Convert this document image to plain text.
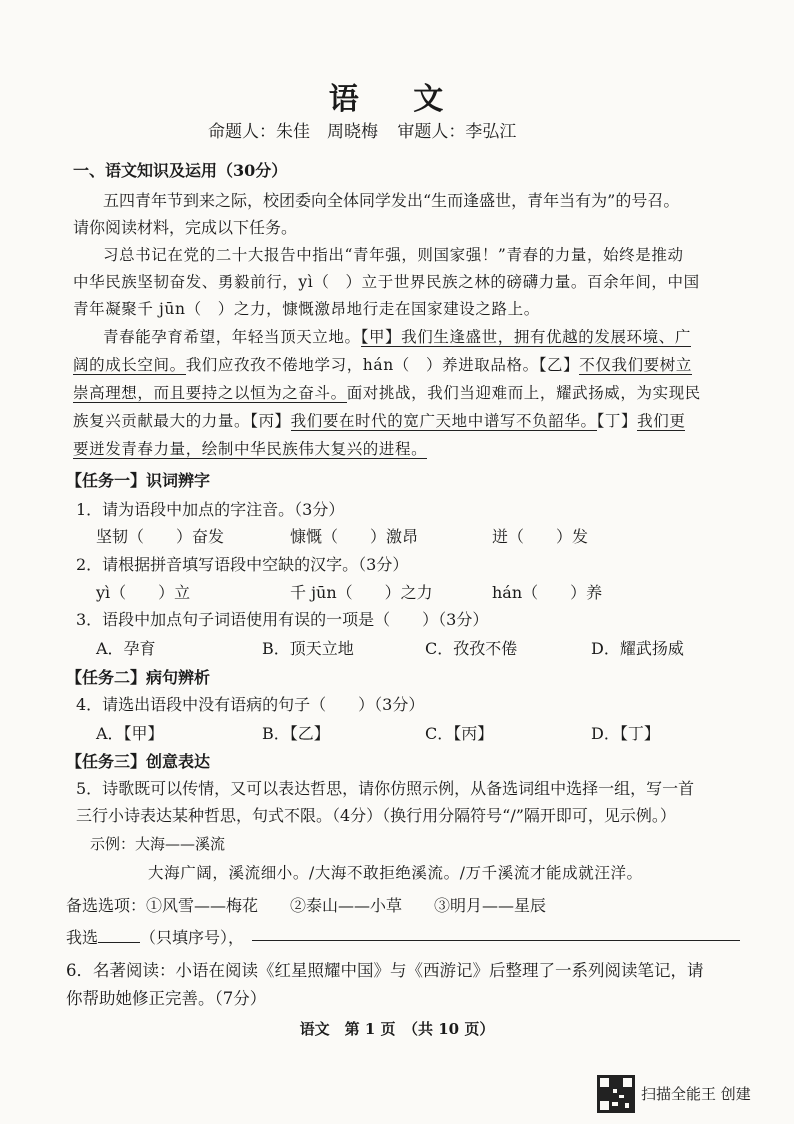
语 文
命题人：朱佳　周晓梅 审题人：李弘江
一、语文知识及运用（30分）
五四青年节到来之际，校团委向全体同学发出“生而逢盛世，青年当有为”的号召。
请你阅读材料，完成以下任务。
习总书记在党的二十大报告中指出“青年强，则国家强！”青春的力量，始终是推动
中华民族坚韧奋发、勇毅前行，yì（　）立于世界民族之林的磅礴力量。百余年间，中国
青年凝聚千 jūn（　）之力，慷慨激昂地行走在国家建设之路上。
青春能孕育希望，年轻当顶天立地。【甲】我们生逢盛世，拥有优越的发展环境、广
阔的成长空间。我们应孜孜不倦地学习，hán（　）养进取品格。【乙】不仅我们要树立
崇高理想，而且要持之以恒为之奋斗。面对挑战，我们当迎难而上，耀武扬威，为实现民
族复兴贡献最大的力量。【丙】我们要在时代的宽广天地中谱写不负韶华。【丁】我们更
要迸发青春力量，绘制中华民族伟大复兴的进程。
【任务一】识词辨字
1．请为语段中加点的字注音。（3分）
坚韧（　　）奋发	慷慨（　　）激昂	迸（　　）发
2．请根据拼音填写语段中空缺的汉字。（3分）
yì（　　）立	千 jūn（　　）之力	hán（　　）养
3．语段中加点句子词语使用有误的一项是（　　）（3分）
A．孕育	B．顶天立地	C．孜孜不倦	D．耀武扬威
【任务二】病句辨析
4．请选出语段中没有语病的句子（　　）（3分）
A．【甲】	B．【乙】	C．【丙】	D．【丁】
【任务三】创意表达
5．诗歌既可以传情，又可以表达哲思，请你仿照示例，从备选词组中选择一组，写一首
三行小诗表达某种哲思，句式不限。（4分）（换行用分隔符号“/”隔开即可，见示例。）
示例：大海——溪流
大海广阔，溪流细小。/大海不敢拒绝溪流。/万千溪流才能成就汪洋。
备选选项：①风雪——梅花　　②泰山——小草　　③明月——星辰
我选	（只填序号），
6．名著阅读：小语在阅读《红星照耀中国》与《西游记》后整理了一系列阅读笔记，请
你帮助她修正完善。（7分）
语文　第 1 页　（共 10 页）
扫描全能王 创建
